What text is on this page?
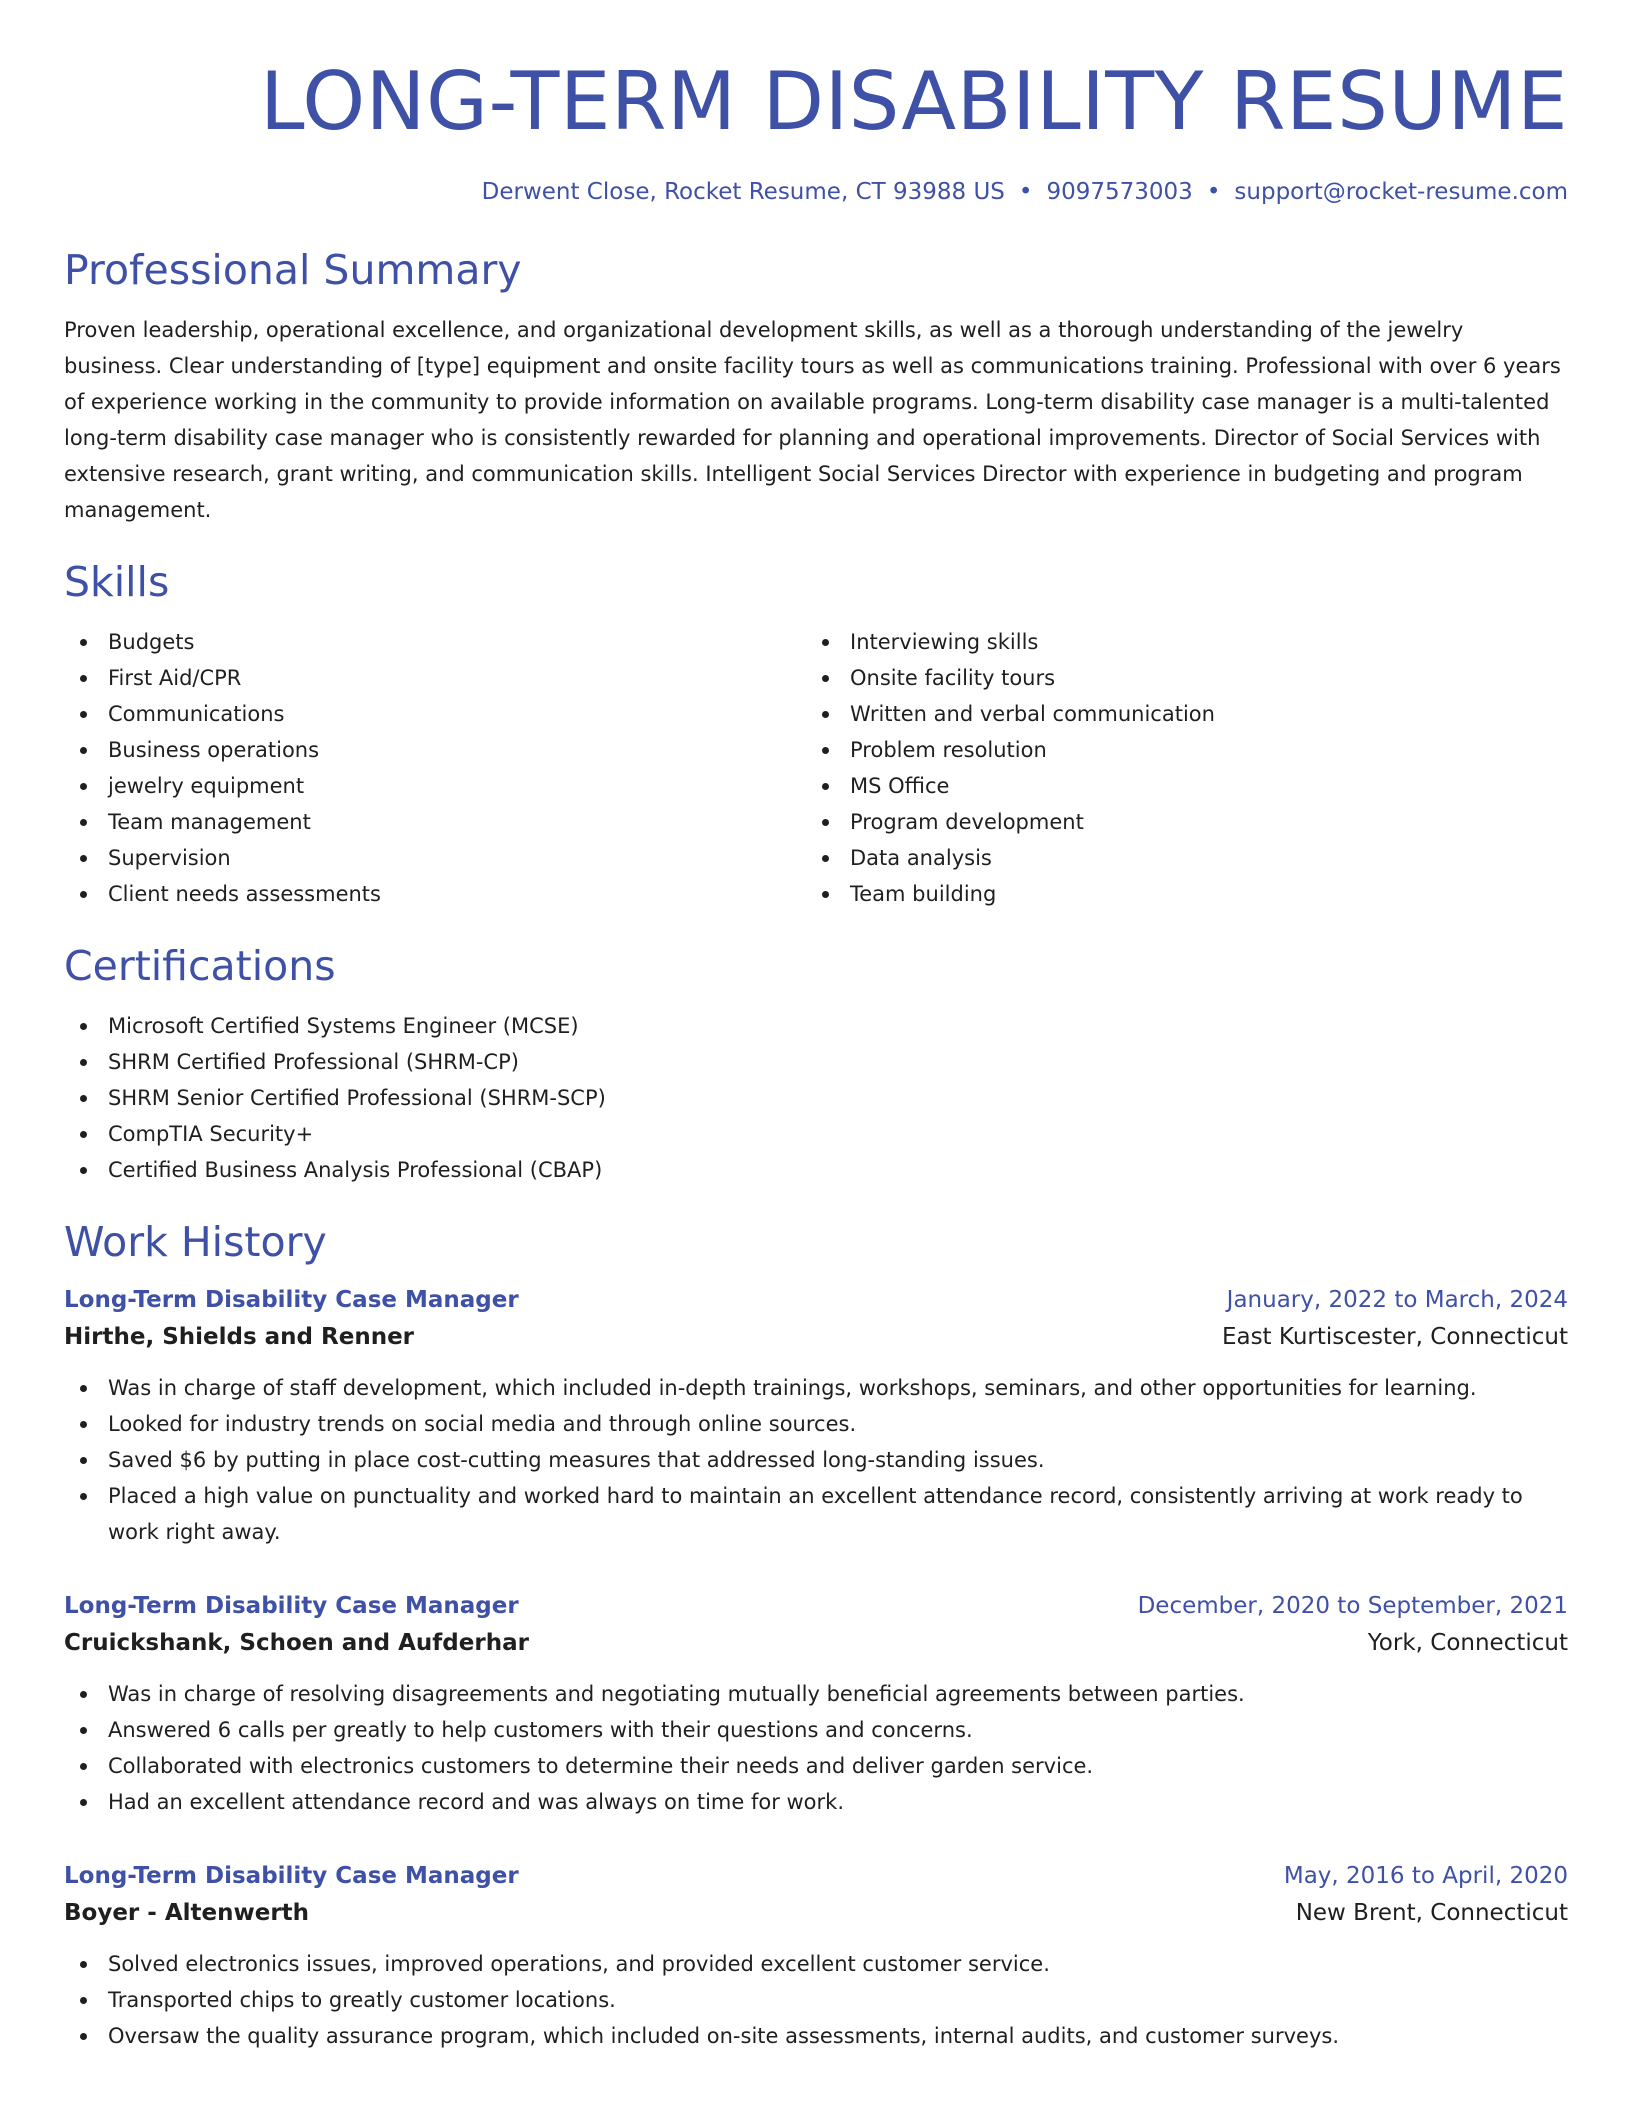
LONG-TERM DISABILITY RESUME
Derwent Close, Rocket Resume, CT 93988 US • 9097573003 • support@rocket-resume.com
Professional Summary

Proven leadership, operational excellence, and organizational development skills, as well as a thorough understanding of the jewelry business. Clear understanding of [type] equipment and onsite facility tours as well as communications training. Professional with over 6 years of experience working in the community to provide information on available programs. Long-term disability case manager is a multi-talented long-term disability case manager who is consistently rewarded for planning and operational improvements. Director of Social Services with extensive research, grant writing, and communication skills. Intelligent Social Services Director with experience in budgeting and program management.

Skills
Budgets
First Aid/CPR
Communications
Business operations
jewelry equipment
Team management
Supervision
Client needs assessments
Interviewing skills
Onsite facility tours
Written and verbal communication
Problem resolution
MS Office
Program development
Data analysis
Team building
Certifications
Microsoft Certified Systems Engineer (MCSE)
SHRM Certified Professional (SHRM-CP)
SHRM Senior Certified Professional (SHRM-SCP)
CompTIA Security+
Certified Business Analysis Professional (CBAP)
Work History
Long-Term Disability Case Manager	January, 2022 to March, 2024
Hirthe, Shields and Renner	East Kurtiscester, Connecticut
Was in charge of staff development, which included in-depth trainings, workshops, seminars, and other opportunities for learning.
Looked for industry trends on social media and through online sources.
Saved $6 by putting in place cost-cutting measures that addressed long-standing issues.
Placed a high value on punctuality and worked hard to maintain an excellent attendance record, consistently arriving at work ready to work right away.
Long-Term Disability Case Manager	December, 2020 to September, 2021
Cruickshank, Schoen and Aufderhar	York, Connecticut
Was in charge of resolving disagreements and negotiating mutually beneficial agreements between parties.
Answered 6 calls per greatly to help customers with their questions and concerns.
Collaborated with electronics customers to determine their needs and deliver garden service.
Had an excellent attendance record and was always on time for work.
Long-Term Disability Case Manager	May, 2016 to April, 2020
Boyer - Altenwerth	New Brent, Connecticut
Solved electronics issues, improved operations, and provided excellent customer service.
Transported chips to greatly customer locations.
Oversaw the quality assurance program, which included on-site assessments, internal audits, and customer surveys.
